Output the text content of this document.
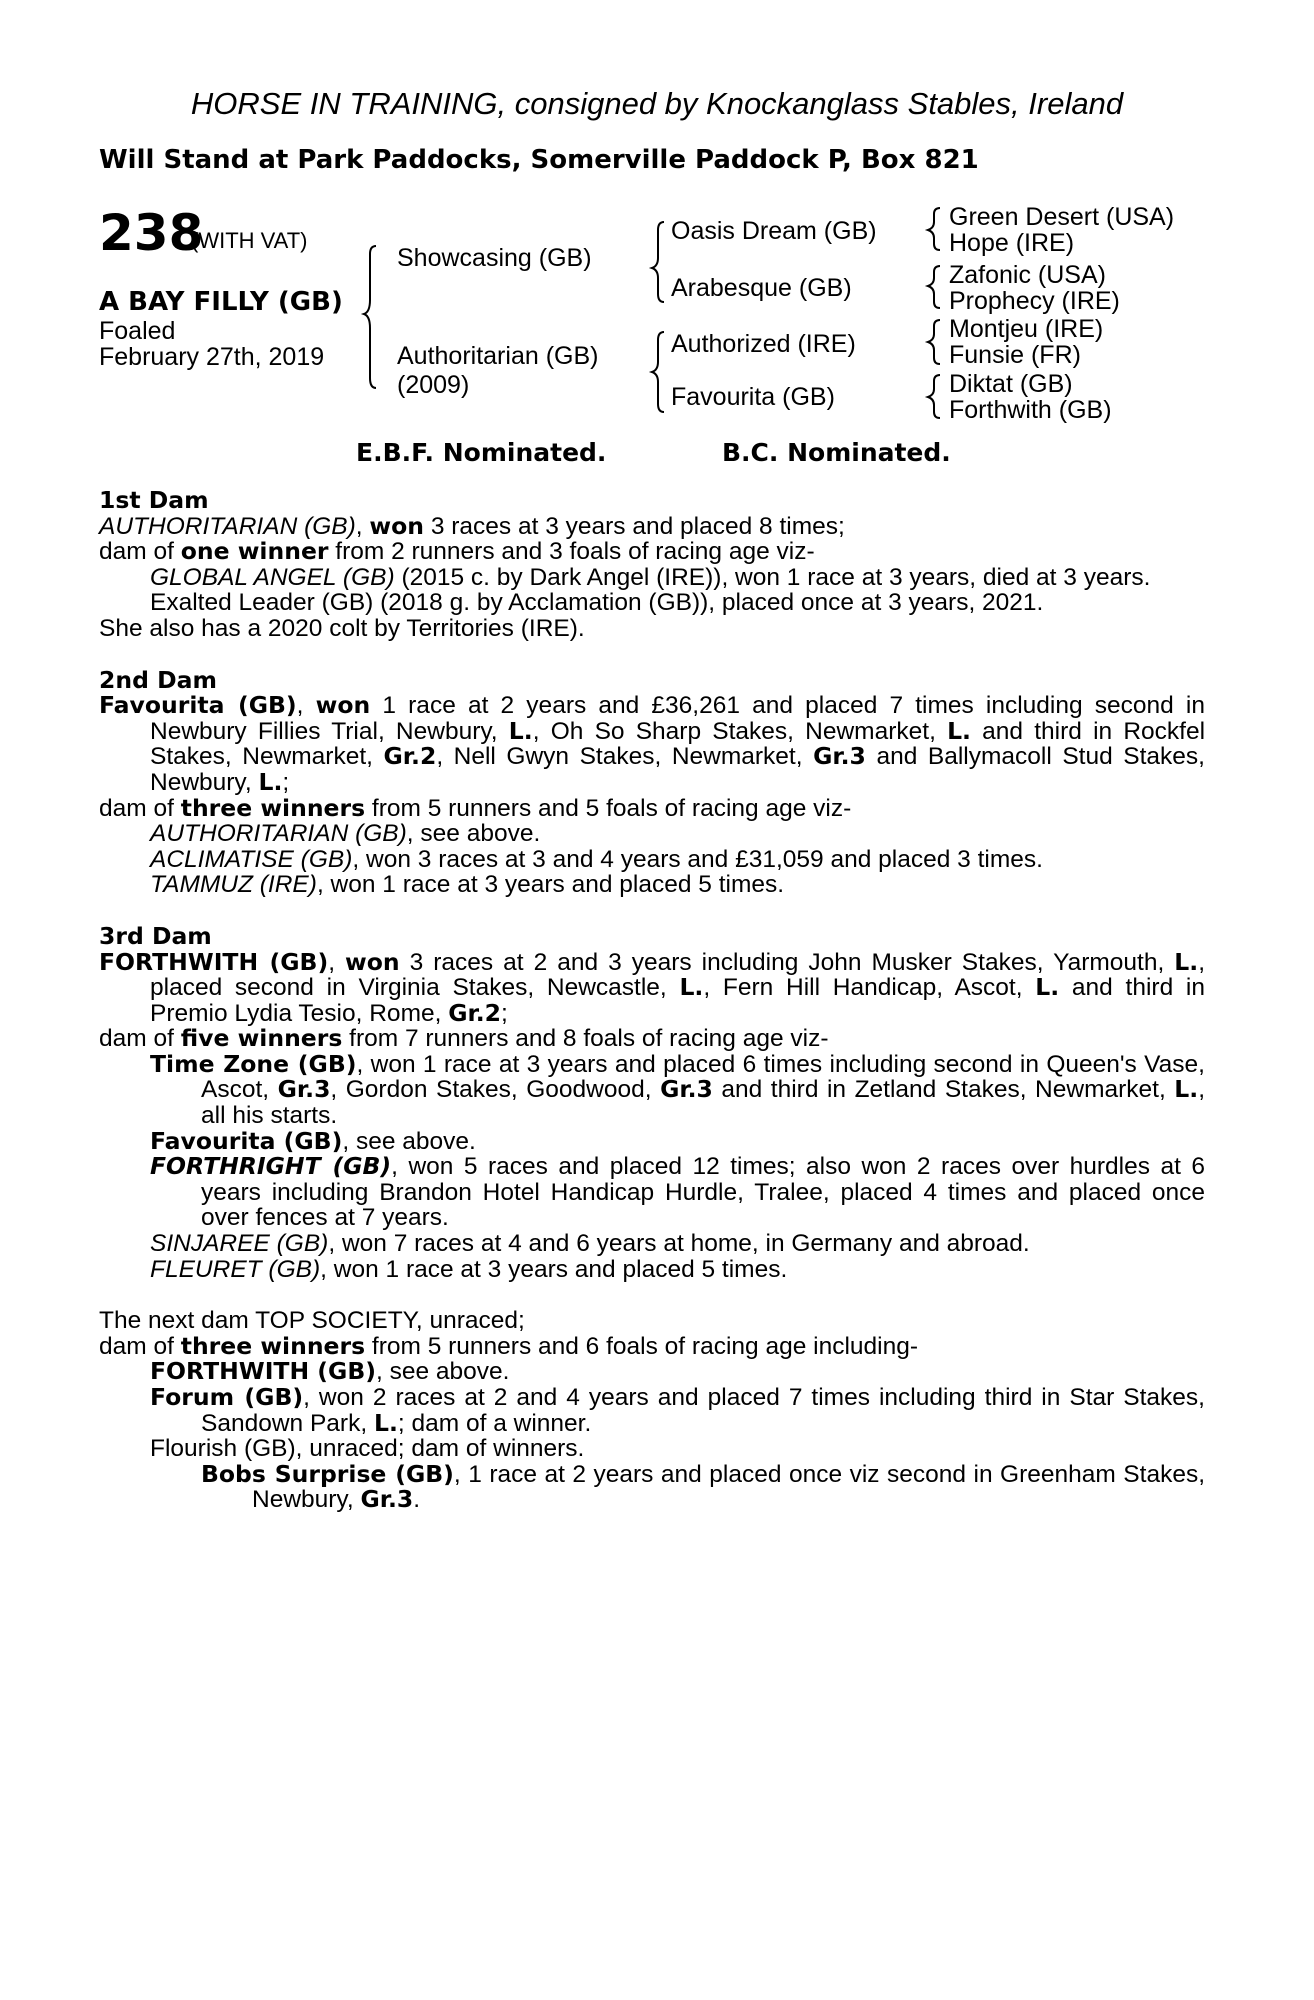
HORSE IN TRAINING, consigned by Knockanglass Stables, Ireland
Will Stand at Park Paddocks, Somerville Paddock P, Box 821
238
(WITH VAT)
A BAY FILLY (GB)
Foaled
February 27th, 2019
Showcasing (GB)
Authoritarian (GB)
(2009)
Oasis Dream (GB)
Arabesque (GB)
Authorized (IRE)
Favourita (GB)
Green Desert (USA)
Hope (IRE)
Zafonic (USA)
Prophecy (IRE)
Montjeu (IRE)
Funsie (FR)
Diktat (GB)
Forthwith (GB)
E.B.F. Nominated.	B.C. Nominated.

1st Dam

AUTHORITARIAN (GB), won 3 races at 3 years and placed 8 times;

dam of one winner from 2 runners and 3 foals of racing age viz-

GLOBAL ANGEL (GB) (2015 c. by Dark Angel (IRE)), won 1 race at 3 years, died at 3 years.

Exalted Leader (GB) (2018 g. by Acclamation (GB)), placed once at 3 years, 2021.

She also has a 2020 colt by Territories (IRE).

2nd Dam

Favourita (GB), won 1 race at 2 years and £36,261 and placed 7 times including second in Newbury Fillies Trial, Newbury, L., Oh So Sharp Stakes, Newmarket, L. and third in Rockfel Stakes, Newmarket, Gr.2, Nell Gwyn Stakes, Newmarket, Gr.3 and Ballymacoll Stud Stakes, Newbury, L.;

dam of three winners from 5 runners and 5 foals of racing age viz-

AUTHORITARIAN (GB), see above.

ACLIMATISE (GB), won 3 races at 3 and 4 years and £31,059 and placed 3 times.

TAMMUZ (IRE), won 1 race at 3 years and placed 5 times.

3rd Dam

FORTHWITH (GB), won 3 races at 2 and 3 years including John Musker Stakes, Yarmouth, L., placed second in Virginia Stakes, Newcastle, L., Fern Hill Handicap, Ascot, L. and third in Premio Lydia Tesio, Rome, Gr.2;

dam of five winners from 7 runners and 8 foals of racing age viz-

Time Zone (GB), won 1 race at 3 years and placed 6 times including second in Queen's Vase, Ascot, Gr.3, Gordon Stakes, Goodwood, Gr.3 and third in Zetland Stakes, Newmarket, L., all his starts.

Favourita (GB), see above.

FORTHRIGHT (GB), won 5 races and placed 12 times; also won 2 races over hurdles at 6 years including Brandon Hotel Handicap Hurdle, Tralee, placed 4 times and placed once over fences at 7 years.

SINJAREE (GB), won 7 races at 4 and 6 years at home, in Germany and abroad.

FLEURET (GB), won 1 race at 3 years and placed 5 times.

The next dam TOP SOCIETY, unraced;

dam of three winners from 5 runners and 6 foals of racing age including-

FORTHWITH (GB), see above.

Forum (GB), won 2 races at 2 and 4 years and placed 7 times including third in Star Stakes, Sandown Park, L.; dam of a winner.

Flourish (GB), unraced; dam of winners.

Bobs Surprise (GB), 1 race at 2 years and placed once viz second in Greenham Stakes, Newbury, Gr.3.
